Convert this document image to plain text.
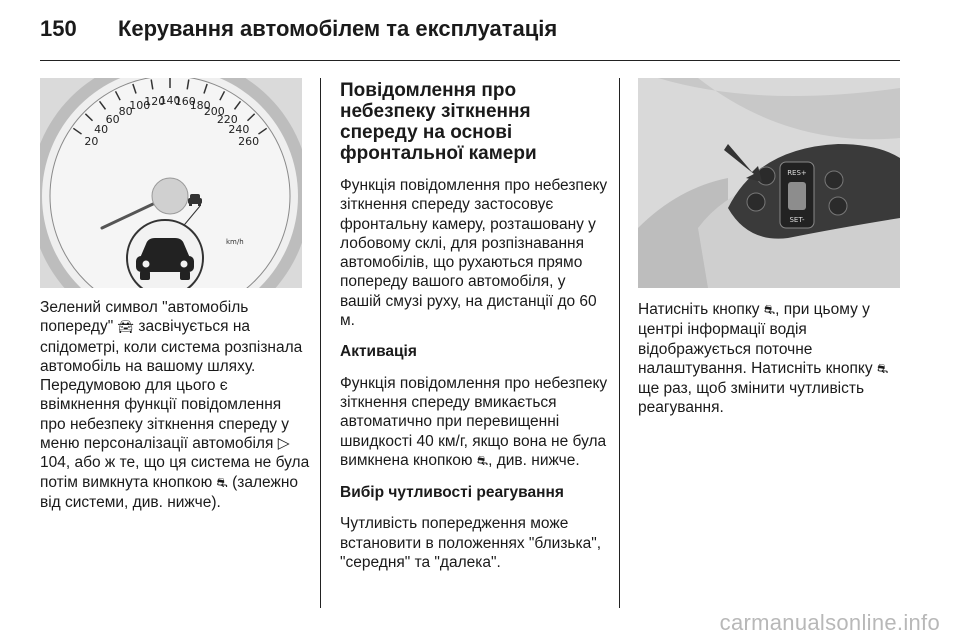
150 Керування автомобілем та експлуатація
20
40
60
80
100
120
140
160
180
200
220
240
260
km/h

Зелений символ "автомобіль попереду" 🚘︎ засвічується на спідометрі, коли система розпізнала автомобіль на вашому шляху. Передумовою для цього є ввімкнення функції повідомлення про небезпеку зіткнення спереду у меню персоналізації автомобіля ▷ 104, або ж те, що ця система не була потім вимкнута кнопкою ⛐︎ (залежно від системи, див. нижче).

Повідомлення про небезпеку зіткнення спереду на основі фронтальної камери

Функція повідомлення про небезпеку зіткнення спереду застосовує фронтальну камеру, розташовану у лобовому склі, для розпізнавання автомобілів, що рухаються прямо попереду вашого автомобіля, у вашій смузі руху, на дистанції до 60 м.

Активація

Функція повідомлення про небезпеку зіткнення спереду вмикається автоматично при перевищенні швидкості 40 км/г, якщо вона не була вимкнена кнопкою ⛐︎, див. нижче.

Вибір чутливості реагування

Чутливість попередження може встановити в положеннях "близька", "середня" та "далека".

RES+
SET-

Натисніть кнопку ⛐︎, при цьому у центрі інформації водія відображується поточне налаштування. Натисніть кнопку ⛐︎ ще раз, щоб змінити чутливість реагування.

carmanualsonline.info
